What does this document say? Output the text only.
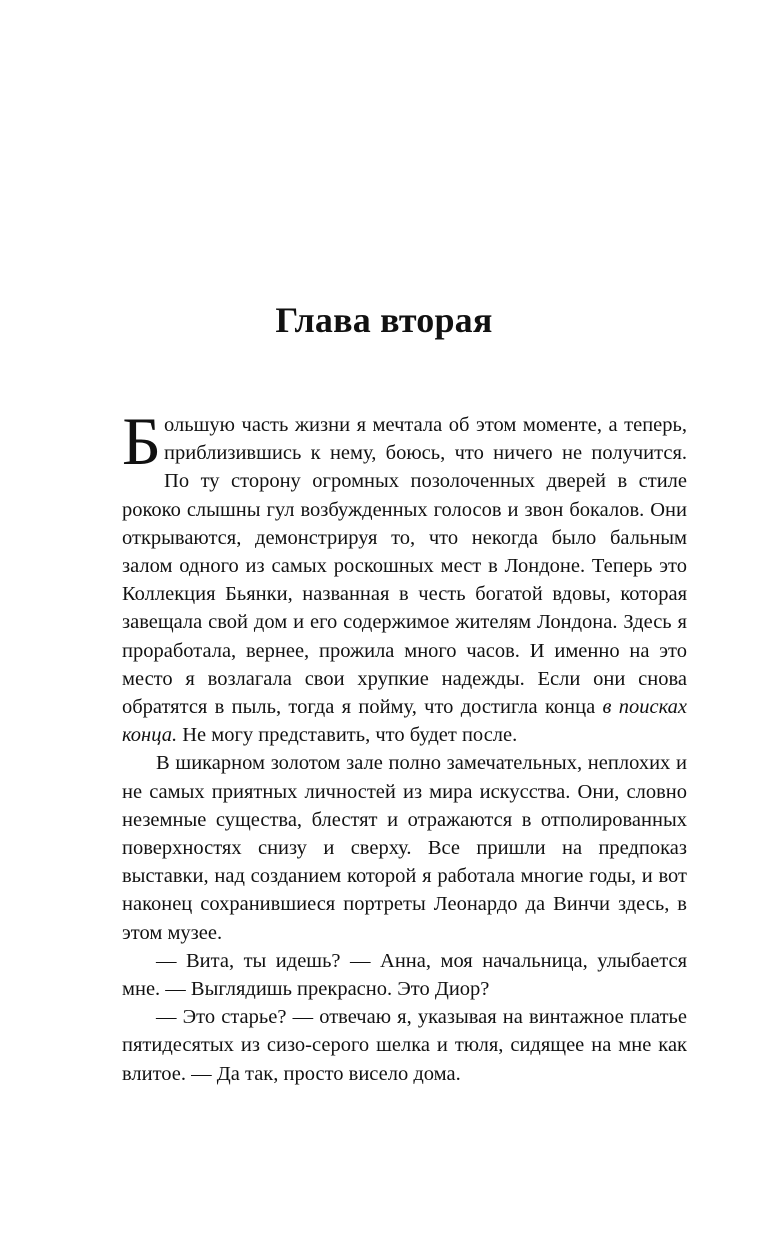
Глава вторая

Большую часть жизни я мечтала об этом моменте, а теперь, приблизившись к нему, боюсь, что ничего не получится. По ту сторону огромных позолоченных дверей в стиле рококо слышны гул возбужденных голосов и звон бокалов. Они открываются, демонстрируя то, что некогда было бальным залом одного из самых роскошных мест в Лондоне. Теперь это Коллекция Бьянки, названная в честь богатой вдовы, которая завещала свой дом и его содержимое жителям Лондона. Здесь я проработала, вернее, прожила много часов. И именно на это место я возлагала свои хрупкие надежды. Если они снова обратятся в пыль, тогда я пойму, что достигла конца в поисках конца. Не могу представить, что будет после.

В шикарном золотом зале полно замечательных, неплохих и не самых приятных личностей из мира искусства. Они, словно неземные существа, блестят и отражаются в отполированных поверхностях снизу и сверху. Все пришли на предпоказ выставки, над созданием которой я работала многие годы, и вот наконец сохранившиеся портреты Леонардо да Винчи здесь, в этом музее.

— Вита, ты идешь? — Анна, моя начальница, улыбается мне. — Выглядишь прекрасно. Это Диор?

— Это старье? — отвечаю я, указывая на винтажное платье пятидесятых из сизо-серого шелка и тюля, сидящее на мне как влитое. — Да так, просто висело дома.
